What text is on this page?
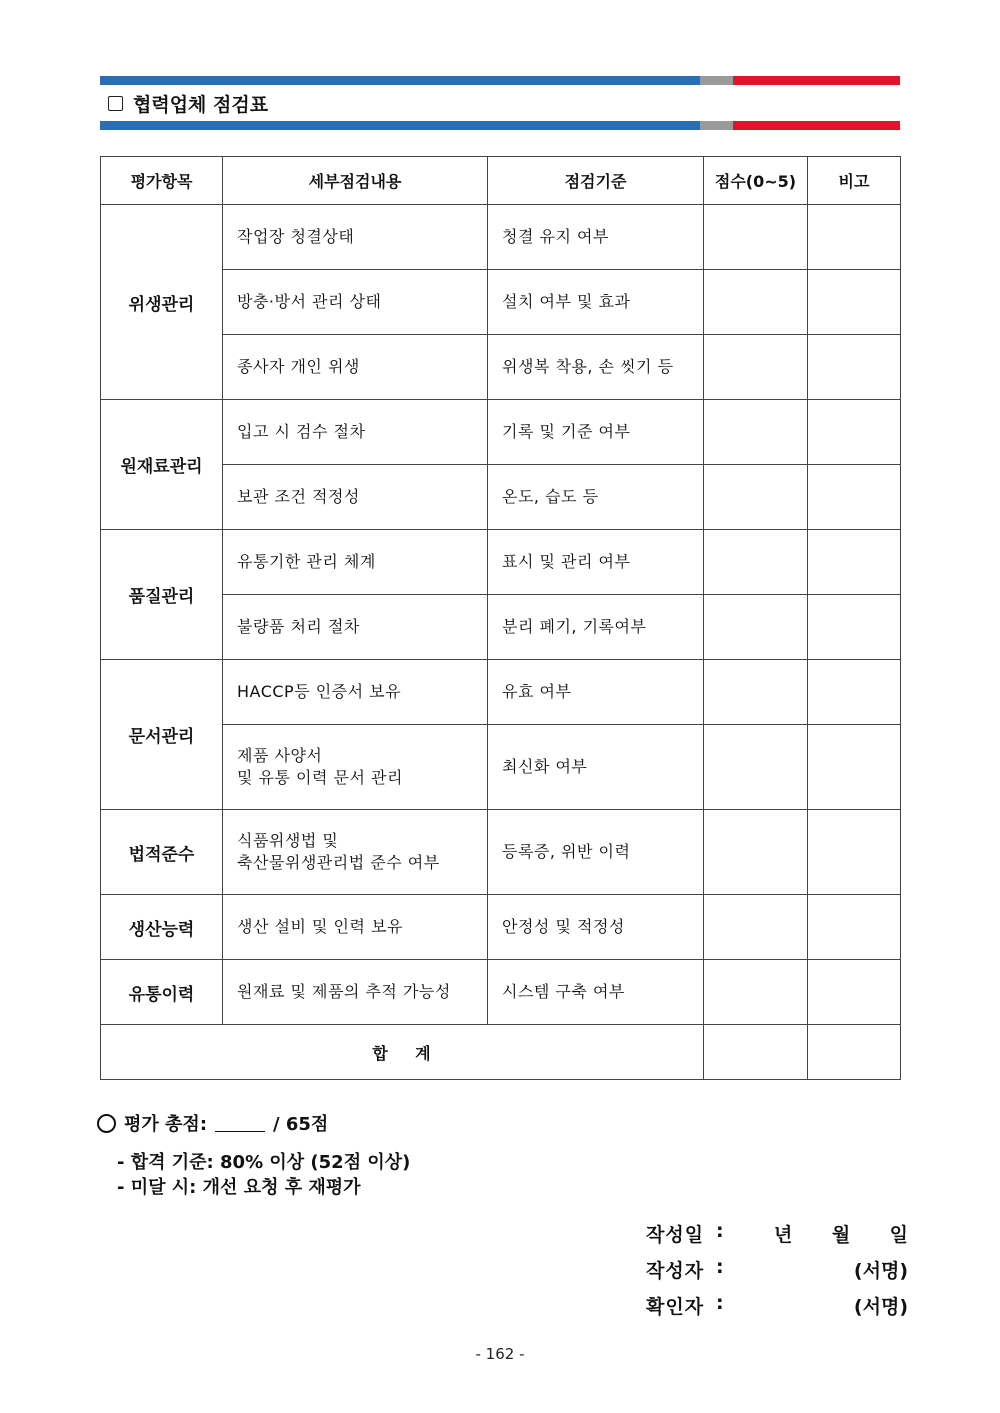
협력업체 점검표
평가항목	세부점검내용	점검기준	점수(0~5)	비고
위생관리	작업장 청결상태	청결 유지 여부		
	방충·방서 관리 상태	설치 여부 및 효과		
	종사자 개인 위생	위생복 착용, 손 씻기 등		
원재료관리	입고 시 검수 절차	기록 및 기준 여부		
	보관 조건 적정성	온도, 습도 등		
품질관리	유통기한 관리 체계	표시 및 관리 여부		
	불량품 처리 절차	분리 폐기, 기록여부		
문서관리	HACCP등 인증서 보유	유효 여부		

	제품 사양서
및 유통 이력 문서 관리	최신화 여부		
법적준수	식품위생법 및
축산물위생관리법 준수 여부	등록증, 위반 이력		
생산능력	생산 설비 및 인력 보유	안정성 및 적정성		
유통이력	원재료 및 제품의 추적 가능성	시스템 구축 여부		
합    계				
평가 총점:	/ 65점
- 합격 기준: 80% 이상 (52점 이상)
- 미달 시: 개선 요청 후 재평가
작성일 :	년 월 일
작성자 :	(서명)
확인자 :	(서명)
- 162 -
